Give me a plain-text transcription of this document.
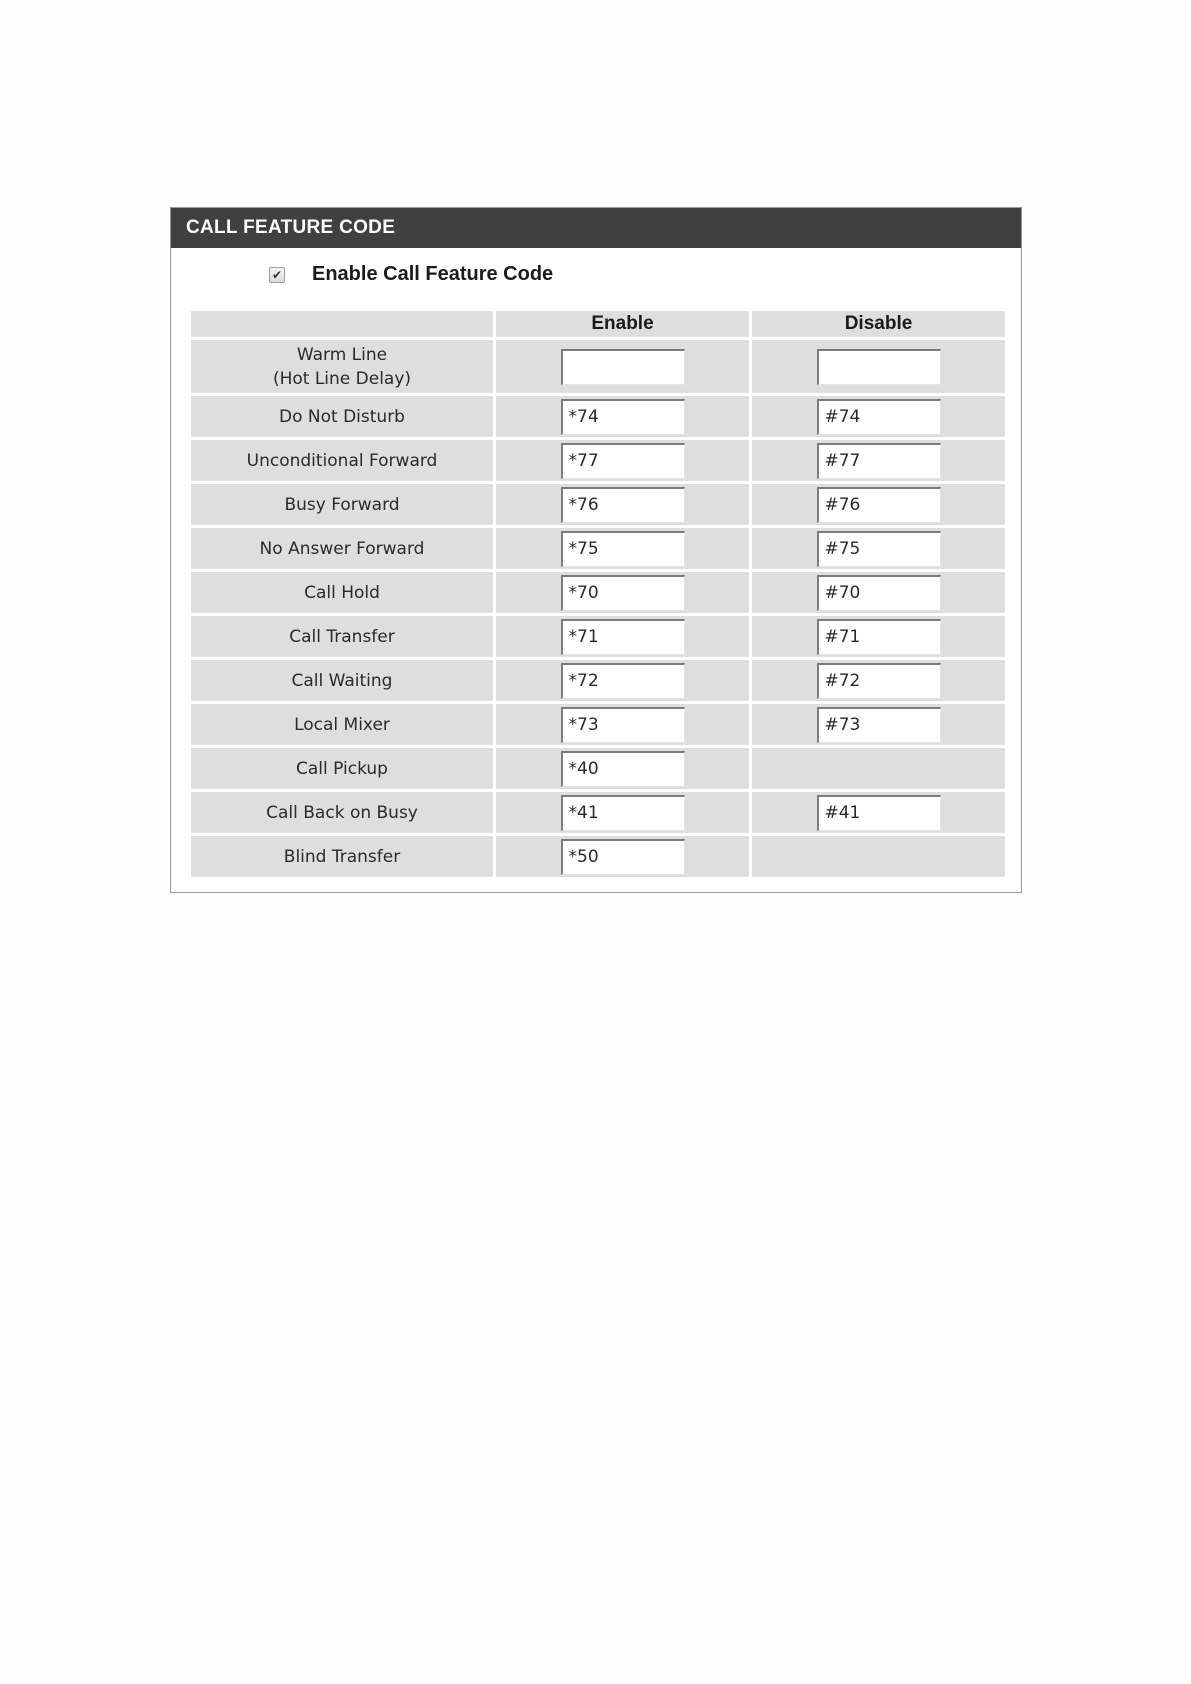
CALL FEATURE CODE
✔ Enable Call Feature Code
	Enable	Disable

Warm Line
(Hot Line Delay)		

Do Not Disturb	*74	#74

Unconditional Forward	*77	#77

Busy Forward	*76	#76

No Answer Forward	*75	#75

Call Hold	*70	#70

Call Transfer	*71	#71

Call Waiting	*72	#72

Local Mixer	*73	#73

Call Pickup	*40	

Call Back on Busy	*41	#41

Blind Transfer	*50	
